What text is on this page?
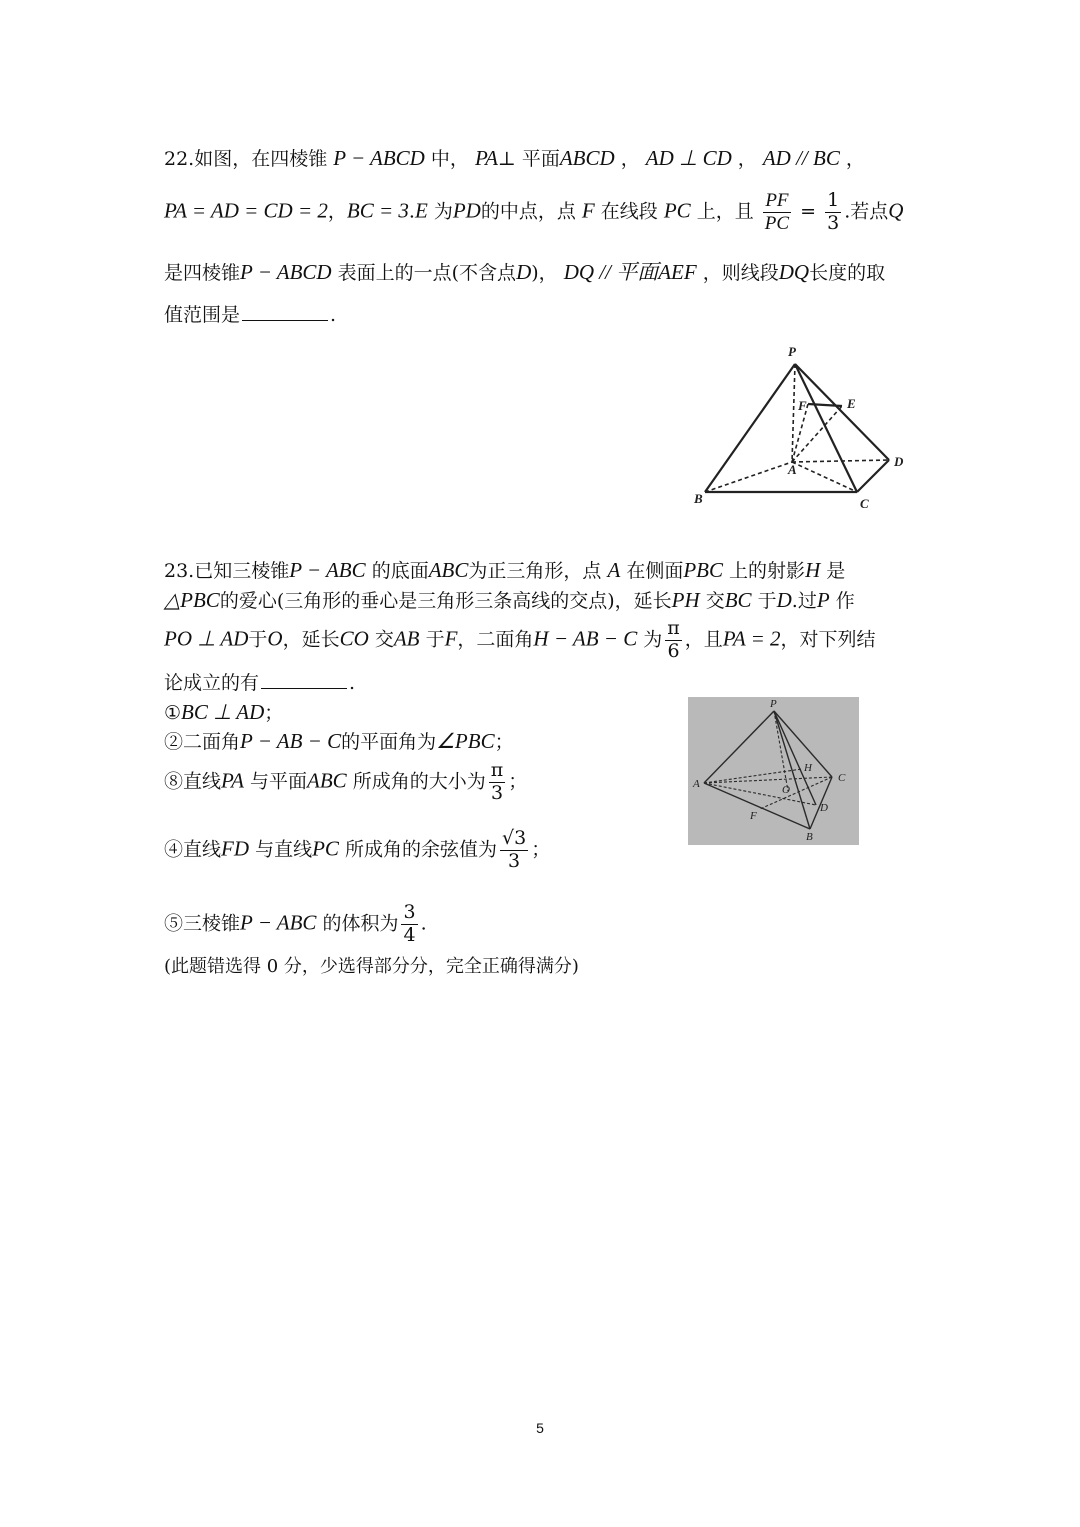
22.如图，在四棱锥 P − ABCD 中， PA⊥ 平面ABCD ， AD ⊥ CD ， AD // BC ，
PA = AD = CD = 2，BC = 3.E 为PD的中点，点 F 在线段 PC 上，且 $\frac{PF}{PC} = \frac{1}{3}$ .若点Q
是四棱锥P − ABCD 表面上的一点(不含点D)， DQ // 平面AEF ，则线段DQ长度的取
值范围是	.
P
F	E
A
D
B	C
23.已知三棱锥P − ABC 的底面ABC为正三角形，点 A 在侧面PBC 上的射影H 是
△PBC的爱心(三角形的垂心是三角形三条高线的交点)，延长PH 交BC 于D.过P 作
PO ⊥ AD于O，延长CO 交AB 于F，二面角H − AB − C 为 $\frac{\pi}{6}$ ，且PA = 2，对下列结
论成立的有	.
①BC ⊥ AD；
②二面角P − AB − C的平面角为∠PBC；
⑧直线PA 与平面ABC 所成角的大小为 $\frac{\pi}{3}$ ；
④直线FD 与直线PC 所成角的余弦值为 $\frac{√3}{3}$ ；
⑤三棱锥P − ABC 的体积为 $\frac{3}{4}$ .
(此题错选得 0 分，少选得部分分，完全正确得满分)
P
A
H
C
O
D
F
B
5
